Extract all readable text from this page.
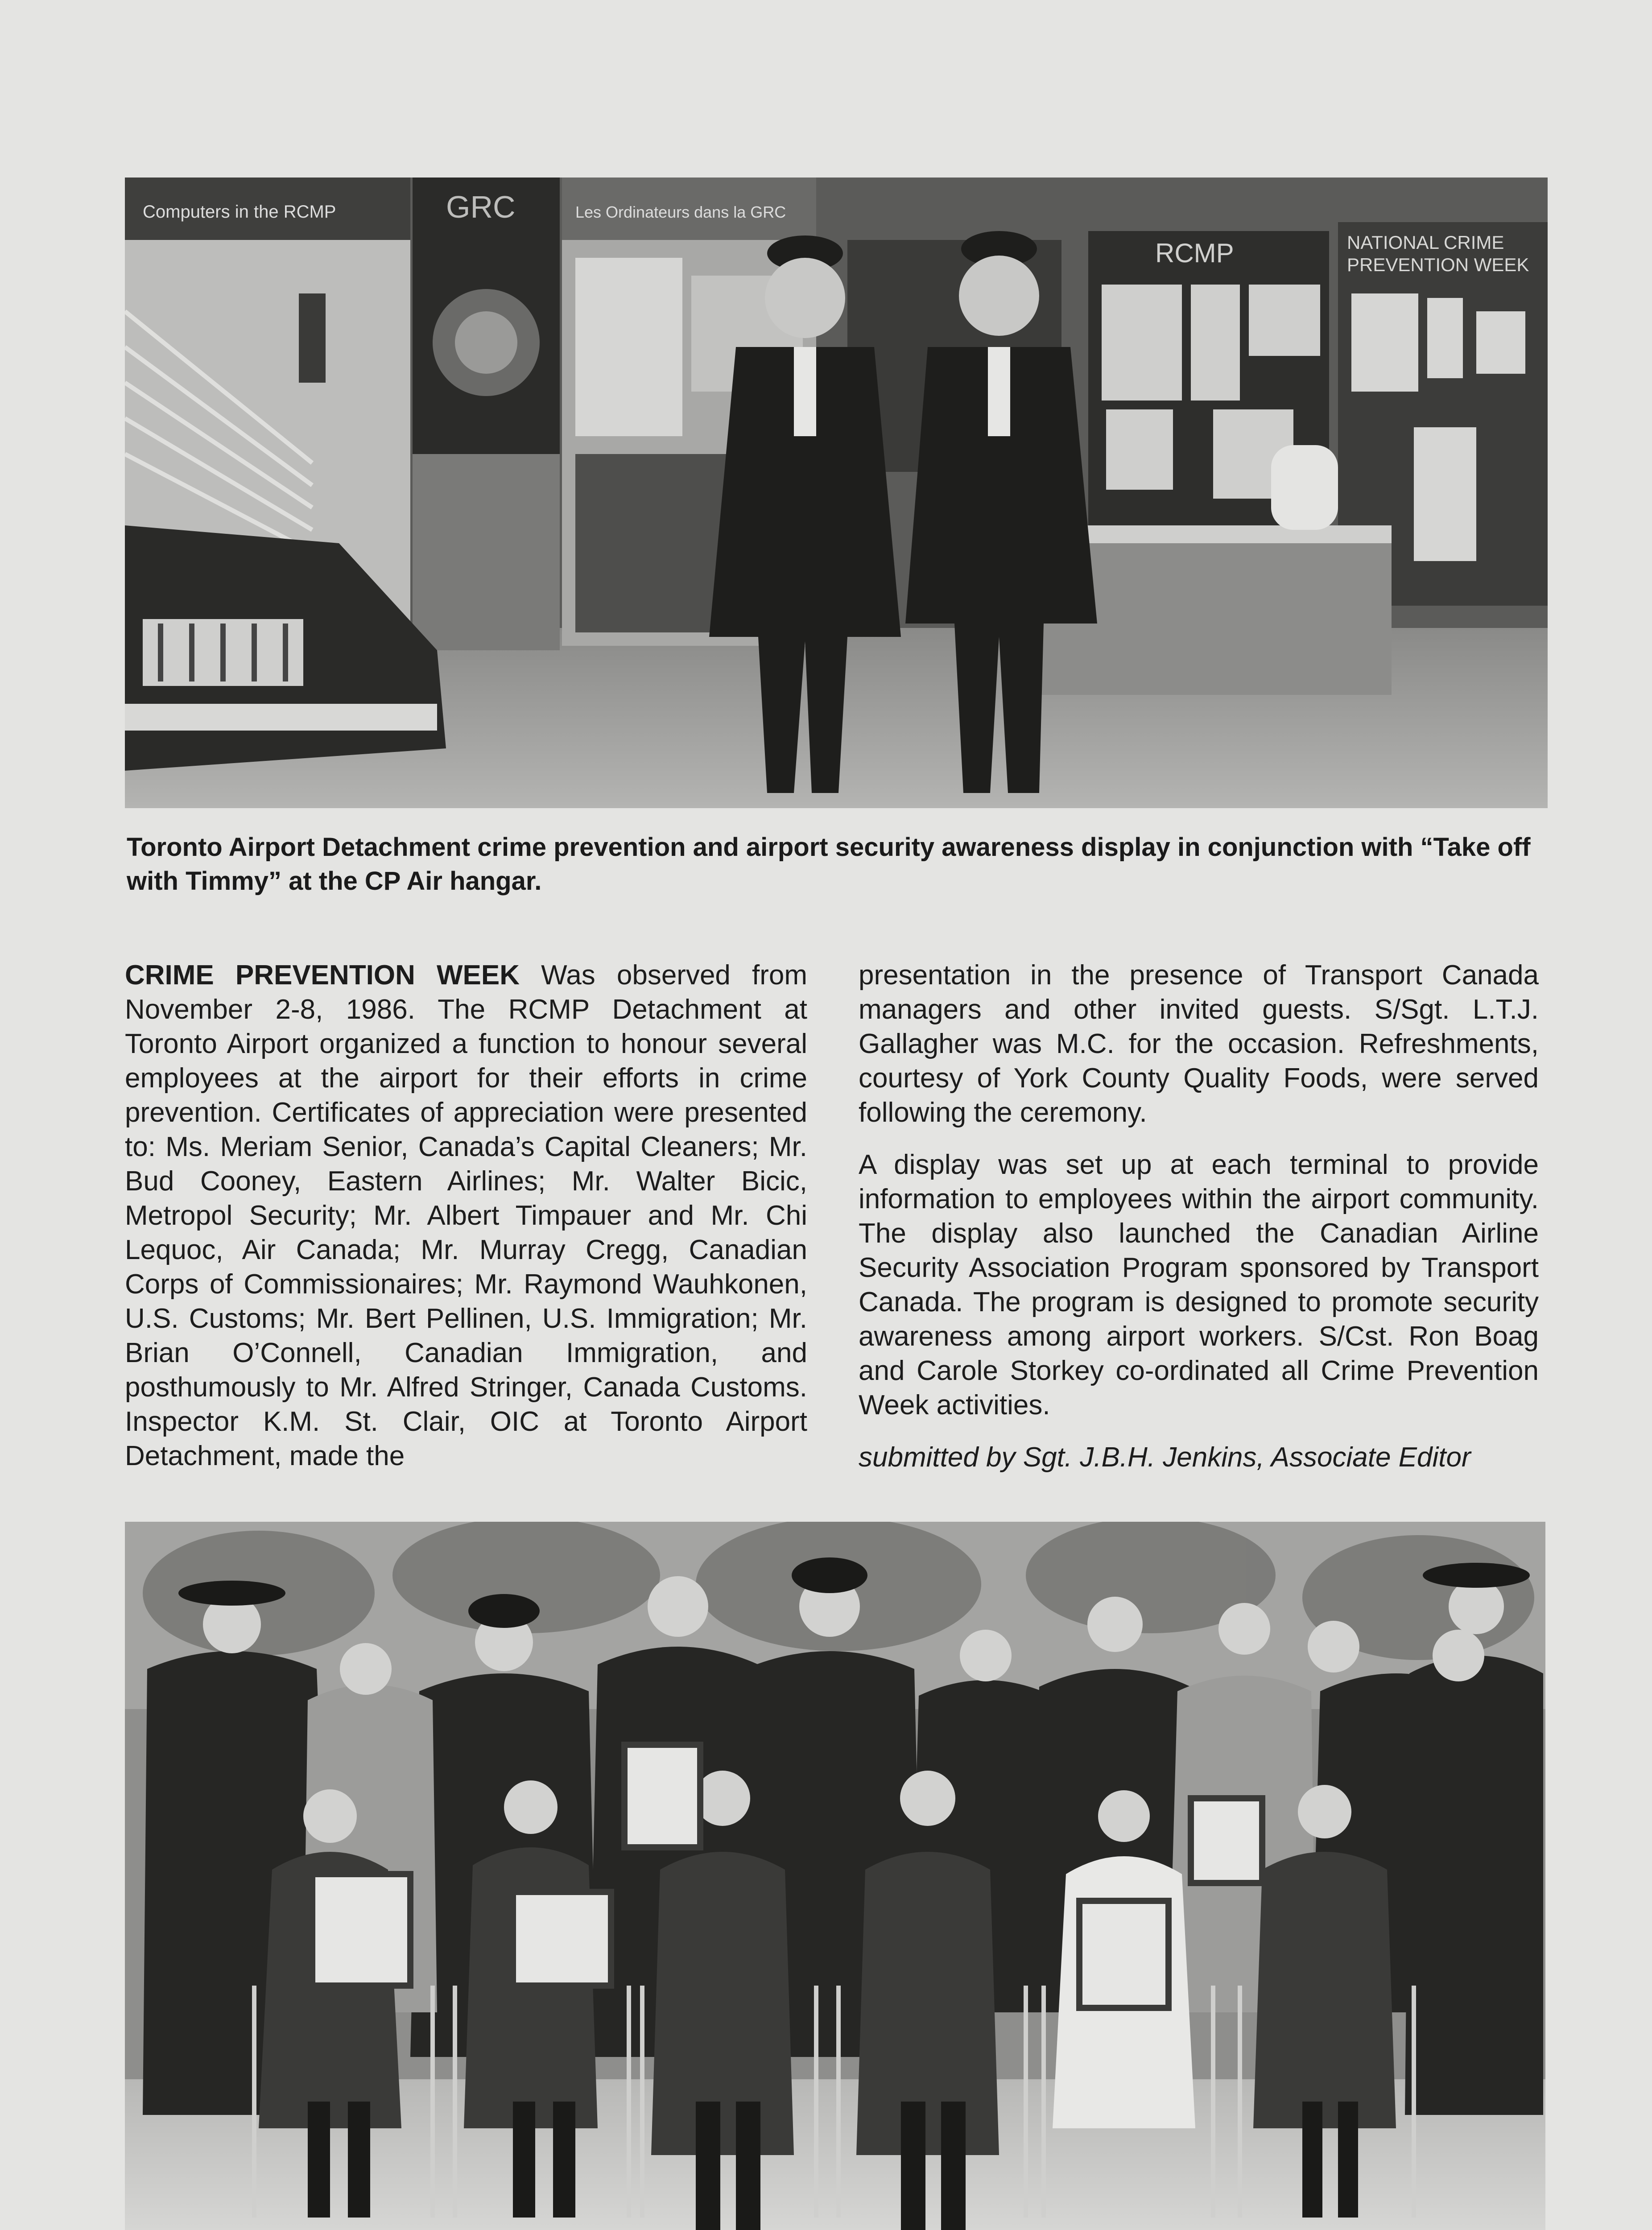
Computers in the RCMP	GRC	Les Ordinateurs dans la GRC
RCMP	NATIONAL CRIME
PREVENTION WEEK

Toronto Airport Detachment crime prevention and airport security awareness display in conjunction with “Take off with Timmy” at the CP Air hangar.

CRIME PREVENTION WEEK Was observed from November 2-8, 1986. The RCMP Detachment at Toronto Airport organized a function to honour several employees at the airport for their efforts in crime prevention. Certificates of appreciation were presented to: Ms. Meriam Senior, Canada’s Capital Cleaners; Mr. Bud Cooney, Eastern Airlines; Mr. Walter Bicic, Metropol Security; Mr. Albert Timpauer and Mr. Chi Lequoc, Air Canada; Mr. Murray Cregg, Canadian Corps of Commissionaires; Mr. Raymond Wauhkonen, U.S. Customs; Mr. Bert Pellinen, U.S. Immigration; Mr. Brian O’Connell, Canadian Immigration, and posthumously to Mr. Alfred Stringer, Canada Customs. Inspector K.M. St. Clair, OIC at Toronto Airport Detachment, made the

presentation in the presence of Transport Canada managers and other invited guests. S/Sgt. L.T.J. Gallagher was M.C. for the occasion. Refreshments, courtesy of York County Quality Foods, were served following the ceremony.

A display was set up at each terminal to provide information to employees within the airport community. The display also launched the Canadian Airline Security Association Program sponsored by Transport Canada. The program is designed to promote security awareness among airport workers. S/Cst. Ron Boag and Carole Storkey co-ordinated all Crime Prevention Week activities.

submitted by Sgt. J.B.H. Jenkins, Associate Editor
